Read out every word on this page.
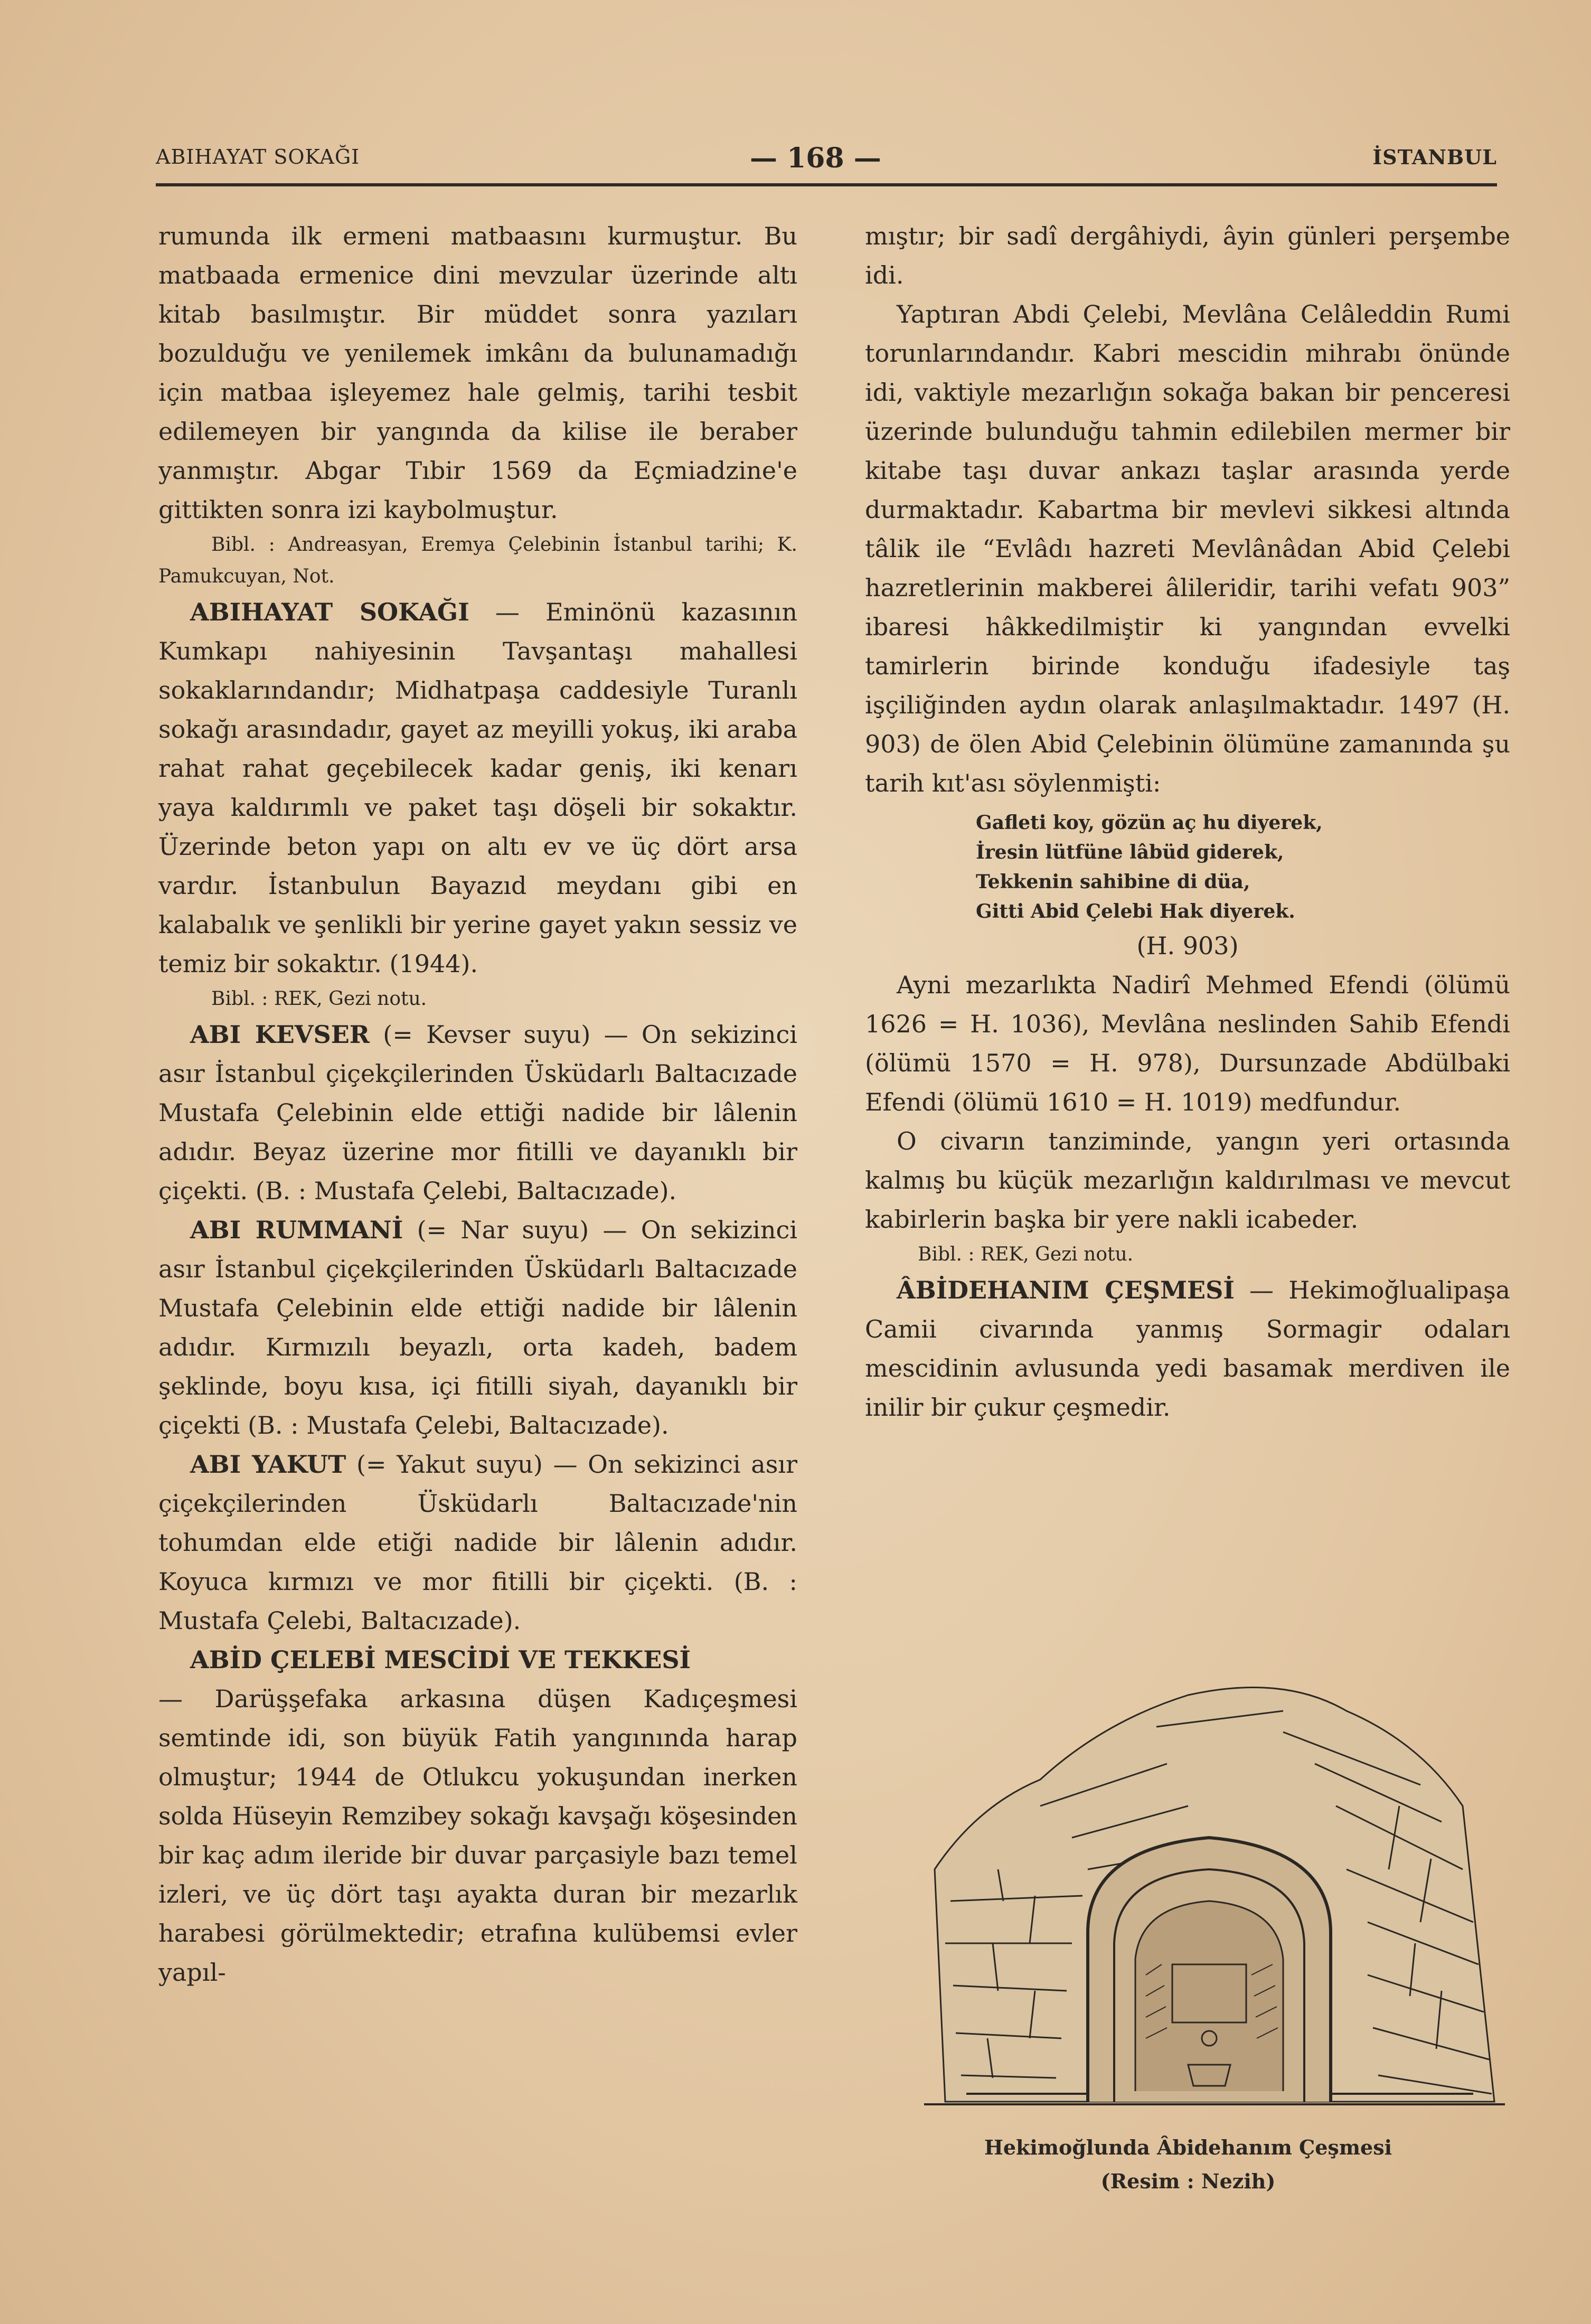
ABIHAYAT SOKAĞI	— 168 —	İSTANBUL

rumunda ilk ermeni matbaasını kurmuştur. Bu matbaada ermenice dini mevzular üzerinde altı kitab basılmıştır. Bir müddet sonra yazıları bozulduğu ve yenilemek imkânı da bulunamadığı için matbaa işleyemez hale gelmiş, tarihi tesbit edilemeyen bir yangında da kilise ile beraber yanmıştır. Abgar Tıbir 1569 da Eçmiadzine'e gittikten sonra izi kaybolmuştur.

Bibl. : Andreasyan, Eremya Çelebinin İstanbul tarihi; K. Pamukcuyan, Not.

ABIHAYAT SOKAĞI — Eminönü kazasının Kumkapı nahiyesinin Tavşantaşı mahallesi sokaklarındandır; Midhatpaşa caddesiyle Turanlı sokağı arasındadır, gayet az meyilli yokuş, iki araba rahat rahat geçebilecek kadar geniş, iki kenarı yaya kaldırımlı ve paket taşı döşeli bir sokaktır. Üzerinde beton yapı on altı ev ve üç dört arsa vardır. İstanbulun Bayazıd meydanı gibi en kalabalık ve şenlikli bir yerine gayet yakın sessiz ve temiz bir sokaktır. (1944).

Bibl. : REK, Gezi notu.

ABI KEVSER (= Kevser suyu) — On sekizinci asır İstanbul çiçekçilerinden Üsküdarlı Baltacızade Mustafa Çelebinin elde ettiği nadide bir lâlenin adıdır. Beyaz üzerine mor fitilli ve dayanıklı bir çiçekti. (B. : Mustafa Çelebi, Baltacızade).

ABI RUMMANİ (= Nar suyu) — On sekizinci asır İstanbul çiçekçilerinden Üsküdarlı Baltacızade Mustafa Çelebinin elde ettiği nadide bir lâlenin adıdır. Kırmızılı beyazlı, orta kadeh, badem şeklinde, boyu kısa, içi fitilli siyah, dayanıklı bir çiçekti (B. : Mustafa Çelebi, Baltacızade).

ABI YAKUT (= Yakut suyu) — On sekizinci asır çiçekçilerinden Üsküdarlı Baltacızade'nin tohumdan elde etiği nadide bir lâlenin adıdır. Koyuca kırmızı ve mor fitilli bir çiçekti. (B. : Mustafa Çelebi, Baltacızade).

ABİD ÇELEBİ MESCİDİ VE TEKKESİ

— Darüşşefaka arkasına düşen Kadıçeşmesi semtinde idi, son büyük Fatih yangınında harap olmuştur; 1944 de Otlukcu yokuşundan inerken solda Hüseyin Remzibey sokağı kavşağı köşesinden bir kaç adım ileride bir duvar parçasiyle bazı temel izleri, ve üç dört taşı ayakta duran bir mezarlık harabesi görülmektedir; etrafına kulübemsi evler yapıl-

mıştır; bir sadî dergâhiydi, âyin günleri perşembe idi.

Yaptıran Abdi Çelebi, Mevlâna Celâleddin Rumi torunlarındandır. Kabri mescidin mihrabı önünde idi, vaktiyle mezarlığın sokağa bakan bir penceresi üzerinde bulunduğu tahmin edilebilen mermer bir kitabe taşı duvar ankazı taşlar arasında yerde durmaktadır. Kabartma bir mevlevi sikkesi altında tâlik ile “Evlâdı hazreti Mevlânâdan Abid Çelebi hazretlerinin makberei âlileridir, tarihi vefatı 903” ibaresi hâkkedilmiştir ki yangından evvelki tamirlerin birinde konduğu ifadesiyle taş işçiliğinden aydın olarak anlaşılmaktadır. 1497 (H. 903) de ölen Abid Çelebinin ölümüne zamanında şu tarih kıt'ası söylenmişti:

Gafleti koy, gözün aç hu diyerek,
İresin lütfüne lâbüd giderek,
Tekkenin sahibine di düa,
Gitti Abid Çelebi Hak diyerek.

(H. 903)

Ayni mezarlıkta Nadirî Mehmed Efendi (ölümü 1626 = H. 1036), Mevlâna neslinden Sahib Efendi (ölümü 1570 = H. 978), Dursunzade Abdülbaki Efendi (ölümü 1610 = H. 1019) medfundur.

O civarın tanziminde, yangın yeri ortasında kalmış bu küçük mezarlığın kaldırılması ve mevcut kabirlerin başka bir yere nakli icabeder.

Bibl. : REK, Gezi notu.

ÂBİDEHANIM ÇEŞMESİ — Hekimoğlualipaşa Camii civarında yanmış Sormagir odaları mescidinin avlusunda yedi basamak merdiven ile inilir bir çukur çeşmedir.

Hekimoğlunda Âbidehanım Çeşmesi
(Resim : Nezih)
